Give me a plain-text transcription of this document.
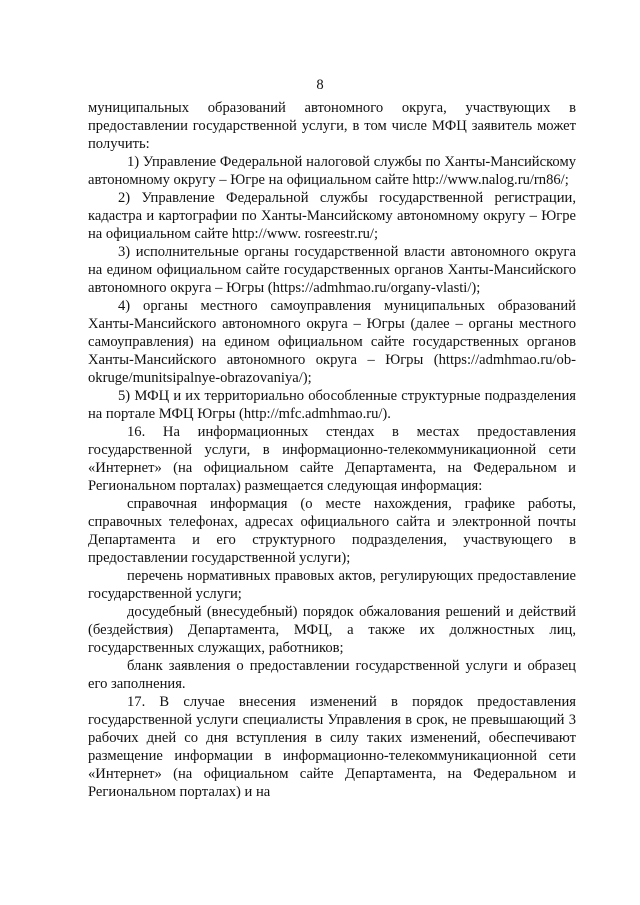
8

муниципальных образований автономного округа, участвующих в предоставлении государственной услуги, в том числе МФЦ заявитель может получить:

1) Управление Федеральной налоговой службы по Ханты-Мансийскому автономному округу – Югре на официальном сайте http://www.nalog.ru/rn86/;

2) Управление Федеральной службы государственной регистрации, кадастра и картографии по Ханты-Мансийскому автономному округу – Югре на официальном сайте http://www. rosreestr.ru/;

3) исполнительные органы государственной власти автономного округа на едином официальном сайте государственных органов Ханты-Мансийского автономного округа – Югры (https://admhmao.ru/organy-vlasti/);

4) органы местного самоуправления муниципальных образований Ханты-Мансийского автономного округа – Югры (далее – органы местного самоуправления) на едином официальном сайте государственных органов Ханты-Мансийского автономного округа – Югры (https://admhmao.ru/ob-okruge/munitsipalnye-obrazovaniya/);

5) МФЦ и их территориально обособленные структурные подразделения на портале МФЦ Югры (http://mfc.admhmao.ru/).

16. На информационных стендах в местах предоставления государственной услуги, в информационно-телекоммуникационной сети «Интернет» (на официальном сайте Департамента, на Федеральном и Региональном порталах) размещается следующая информация:

справочная информация (о месте нахождения, графике работы, справочных телефонах, адресах официального сайта и электронной почты Департамента и его структурного подразделения, участвующего в предоставлении государственной услуги);

перечень нормативных правовых актов, регулирующих предоставление государственной услуги;

досудебный (внесудебный) порядок обжалования решений и действий (бездействия) Департамента, МФЦ, а также их должностных лиц, государственных служащих, работников;

бланк заявления о предоставлении государственной услуги и образец его заполнения.

17. В случае внесения изменений в порядок предоставления государственной услуги специалисты Управления в срок, не превышающий 3 рабочих дней со дня вступления в силу таких изменений, обеспечивают размещение информации в информационно-телекоммуникационной сети «Интернет» (на официальном сайте Департамента, на Федеральном и Региональном порталах) и на
